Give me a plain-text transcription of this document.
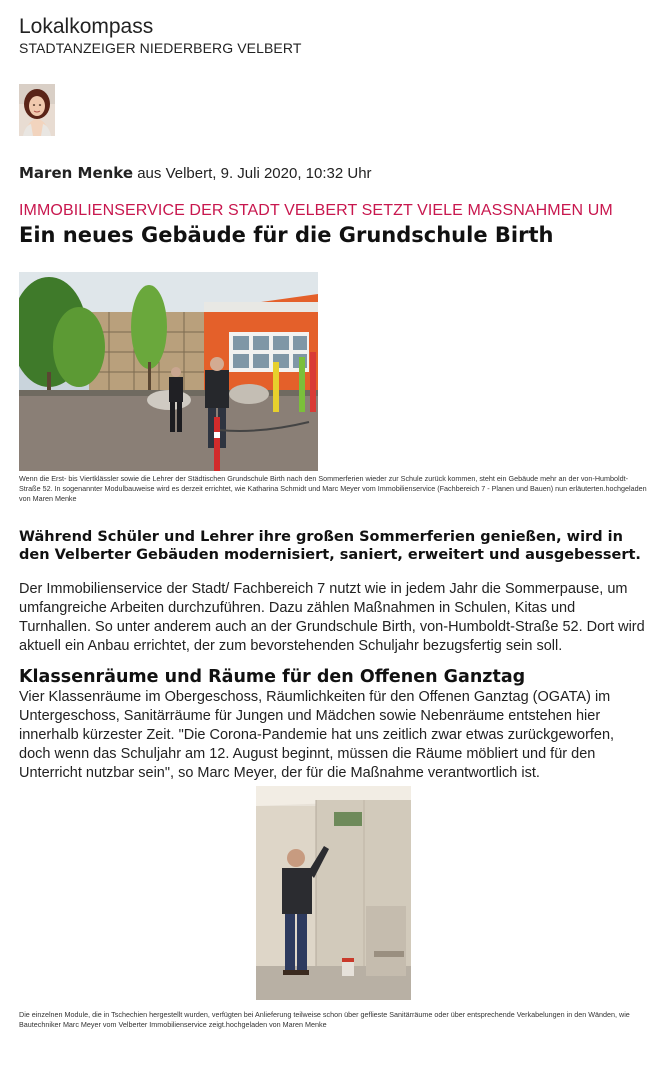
Lokalkompass
STADTANZEIGER NIEDERBERG VELBERT
Maren Menke aus Velbert, 9. Juli 2020, 10:32 Uhr
IMMOBILIENSERVICE DER STADT VELBERT SETZT VIELE MASSNAHMEN UM
Ein neues Gebäude für die Grundschule Birth
Wenn die Erst- bis Viertklässler sowie die Lehrer der Städtischen Grundschule Birth nach den Sommerferien wieder zur Schule zurück kommen, steht ein Gebäude mehr an der von-Humboldt-Straße 52. In sogenannter Modulbauweise wird es derzeit errichtet, wie Katharina Schmidt und Marc Meyer vom Immobilienservice (Fachbereich 7 - Planen und Bauen) nun erläuterten.hochgeladen von Maren Menke
Während Schüler und Lehrer ihre großen Sommerferien genießen, wird in den Velberter Gebäuden modernisiert, saniert, erweitert und ausgebessert.
Der Immobilienservice der Stadt/ Fachbereich 7 nutzt wie in jedem Jahr die Sommerpause, um umfangreiche Arbeiten durchzuführen. Dazu zählen Maßnahmen in Schulen, Kitas und Turnhallen. So unter anderem auch an der Grundschule Birth, von-Humboldt-Straße 52. Dort wird aktuell ein Anbau errichtet, der zum bevorstehenden Schuljahr bezugsfertig sein soll.
Klassenräume und Räume für den Offenen Ganztag
Vier Klassenräume im Obergeschoss, Räumlichkeiten für den Offenen Ganztag (OGATA) im Untergeschoss, Sanitärräume für Jungen und Mädchen sowie Nebenräume entstehen hier innerhalb kürzester Zeit. "Die Corona-Pandemie hat uns zeitlich zwar etwas zurückgeworfen, doch wenn das Schuljahr am 12. August beginnt, müssen die Räume möbliert und für den Unterricht nutzbar sein", so Marc Meyer, der für die Maßnahme verantwortlich ist.
Die einzelnen Module, die in Tschechien hergestellt wurden, verfügten bei Anlieferung teilweise schon über geflieste Sanitärräume oder über entsprechende Verkabelungen in den Wänden, wie Bautechniker Marc Meyer vom Velberter Immobilienservice zeigt.hochgeladen von Maren Menke
